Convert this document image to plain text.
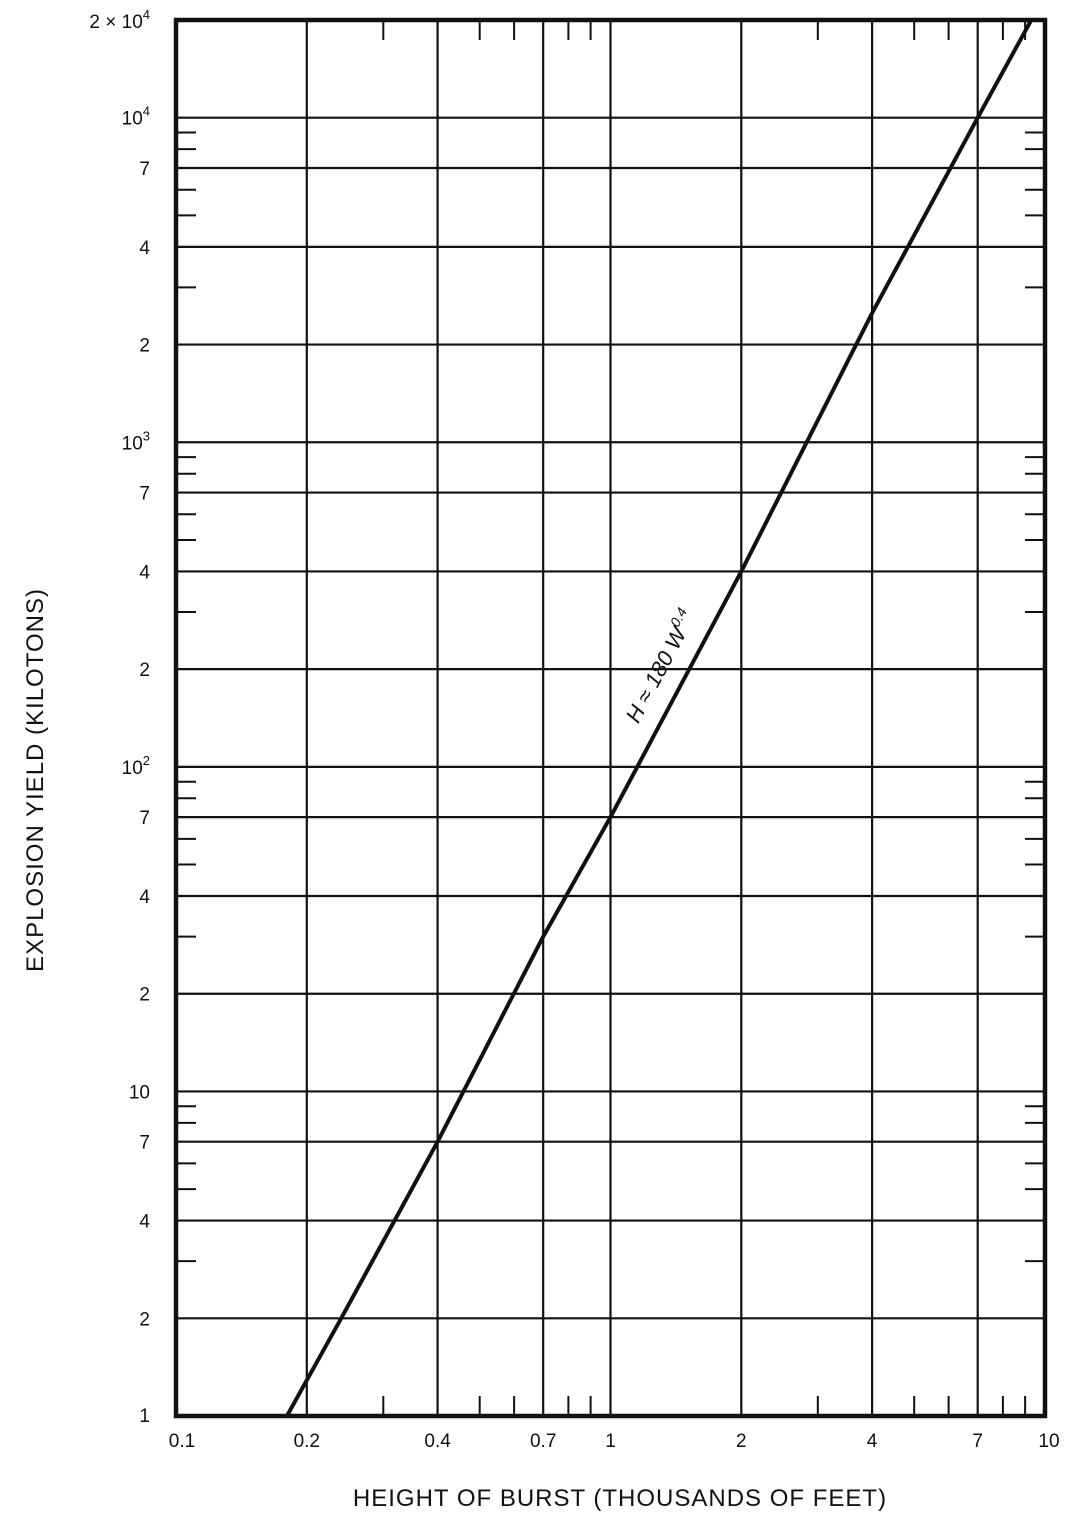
H ≈ 180 $W^{0.4}$
1
2
4
7
10
2
4
7
$10^2$
2
4
7
$10^3$
2
4
7
$10^4$
$2 \times 10^4$
0.1	0.2	0.4	0.7	1	2	4	7	10
HEIGHT OF BURST (THOUSANDS OF FEET)
EXPLOSION YIELD (KILOTONS)
